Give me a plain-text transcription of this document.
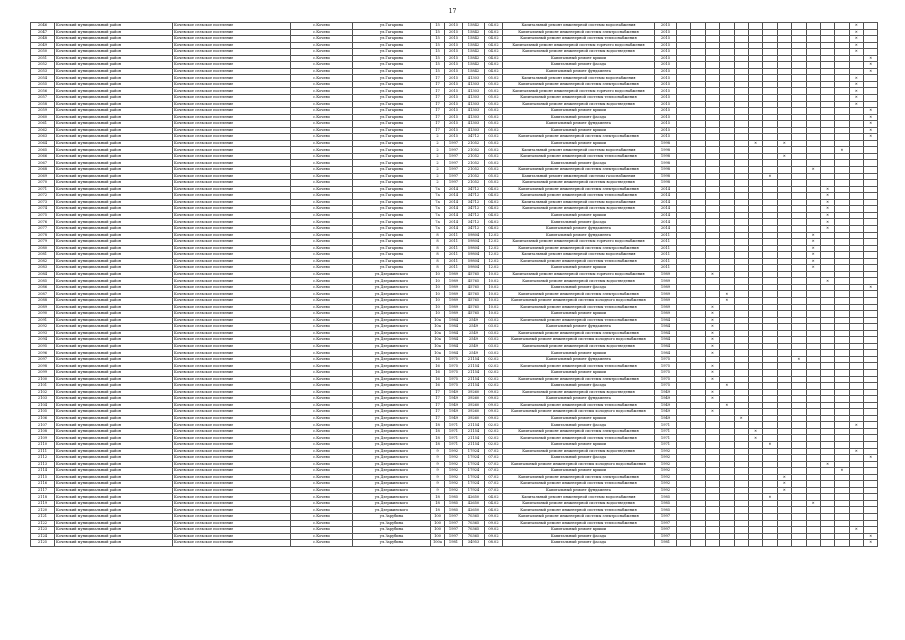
17
2046	Кочевский муниципальный район	Кочевское сельское поселение	с.Кочево	ул.Гагарина	15	2015	15842	04.02	Капитальный ремонт инженерной системы водоснабжения	2015													✕	
2047	Кочевский муниципальный район	Кочевское сельское поселение	с.Кочево	ул.Гагарина	15	2015	15842	04.02	Капитальный ремонт инженерной системы электроснабжения	2015													✕	
2048	Кочевский муниципальный район	Кочевское сельское поселение	с.Кочево	ул.Гагарина	15	2015	15842	04.02	Капитальный ремонт инженерной системы теплоснабжения	2015													✕	
2049	Кочевский муниципальный район	Кочевское сельское поселение	с.Кочево	ул.Гагарина	15	2015	15842	04.02	Капитальный ремонт инженерной системы горячего водоснабжения	2015													✕	
2050	Кочевский муниципальный район	Кочевское сельское поселение	с.Кочево	ул.Гагарина	15	2015	15842	04.02	Капитальный ремонт инженерной системы водоотведения	2015													✕	
2051	Кочевский муниципальный район	Кочевское сельское поселение	с.Кочево	ул.Гагарина	15	2015	15842	04.02	Капитальный ремонт крыши	2015														✕
2052	Кочевский муниципальный район	Кочевское сельское поселение	с.Кочево	ул.Гагарина	15	2015	15842	04.02	Капитальный ремонт фасада	2015														✕
2053	Кочевский муниципальный район	Кочевское сельское поселение	с.Кочево	ул.Гагарина	15	2015	15842	04.02	Капитальный ремонт фундамента	2015														✕
2054	Кочевский муниципальный район	Кочевское сельское поселение	с.Кочево	ул.Гагарина	17	2015	41303	05.02	Капитальный ремонт инженерной системы водоснабжения	2015													✕	
2055	Кочевский муниципальный район	Кочевское сельское поселение	с.Кочево	ул.Гагарина	17	2015	41303	05.02	Капитальный ремонт инженерной системы электроснабжения	2015													✕	
2056	Кочевский муниципальный район	Кочевское сельское поселение	с.Кочево	ул.Гагарина	17	2015	41303	05.02	Капитальный ремонт инженерной системы горячего водоснабжения	2015													✕	
2057	Кочевский муниципальный район	Кочевское сельское поселение	с.Кочево	ул.Гагарина	17	2015	41303	05.02	Капитальный ремонт инженерной системы теплоснабжения	2015													✕	
2058	Кочевский муниципальный район	Кочевское сельское поселение	с.Кочево	ул.Гагарина	17	2015	41303	05.02	Капитальный ремонт инженерной системы водоотведения	2015													✕	
2059	Кочевский муниципальный район	Кочевское сельское поселение	с.Кочево	ул.Гагарина	17	2015	41303	05.02	Капитальный ремонт крыши	2015														✕
2060	Кочевский муниципальный район	Кочевское сельское поселение	с.Кочево	ул.Гагарина	17	2015	41303	05.02	Капитальный ремонт фасада	2015														✕
2061	Кочевский муниципальный район	Кочевское сельское поселение	с.Кочево	ул.Гагарина	17	2015	41303	05.02	Капитальный ремонт фундамента	2015														✕
2062	Кочевский муниципальный район	Кочевское сельское поселение	с.Кочево	ул.Гагарина	17	2015	41303	05.02	Капитальный ремонт крыши	2015														✕
2063	Кочевский муниципальный район	Кочевское сельское поселение	с.Кочево	ул.Гагарина	2	2015	34712	03.02	Капитальный ремонт инженерной системы электроснабжения	2015														✕
2064	Кочевский муниципальный район	Кочевское сельское поселение	с.Кочево	ул.Гагарина	2	1997	21052	05.02	Капитальный ремонт крыши	1998						✕		✕						
2065	Кочевский муниципальный район	Кочевское сельское поселение	с.Кочево	ул.Гагарина	2	1997	21052	05.02	Капитальный ремонт инженерной системы водоснабжения	1998												✕		
2066	Кочевский муниципальный район	Кочевское сельское поселение	с.Кочево	ул.Гагарина	2	1997	21052	05.02	Капитальный ремонт инженерной системы теплоснабжения	1998								✕						
2067	Кочевский муниципальный район	Кочевское сельское поселение	с.Кочево	ул.Гагарина	2	1997	21052	05.02	Капитальный ремонт фасада	1998														
2068	Кочевский муниципальный район	Кочевское сельское поселение	с.Кочево	ул.Гагарина	2	1997	21052	05.02	Капитальный ремонт инженерной системы электроснабжения	1998										✕				
2069	Кочевский муниципальный район	Кочевское сельское поселение	с.Кочево	ул.Гагарина	2	1997	21052	05.02	Капитальный ремонт инженерной системы газоснабжения	1998							✕							
2070	Кочевский муниципальный район	Кочевское сельское поселение	с.Кочево	ул.Гагарина	2	1997	21052	05.02	Капитальный ремонт инженерной системы водоотведения	1998														
2071	Кочевский муниципальный район	Кочевское сельское поселение	с.Кочево	ул.Гагарина	7а	2014	34712	04.02	Капитальный ремонт инженерной системы электроснабжения	2014											✕			
2072	Кочевский муниципальный район	Кочевское сельское поселение	с.Кочево	ул.Гагарина	7а	2014	34712	04.02	Капитальный ремонт инженерной системы теплоснабжения	2014											✕			
2073	Кочевский муниципальный район	Кочевское сельское поселение	с.Кочево	ул.Гагарина	7а	2014	34712	04.02	Капитальный ремонт инженерной системы водоснабжения	2014											✕			
2074	Кочевский муниципальный район	Кочевское сельское поселение	с.Кочево	ул.Гагарина	7а	2014	34712	04.02	Капитальный ремонт инженерной системы водоотведения	2014											✕			
2075	Кочевский муниципальный район	Кочевское сельское поселение	с.Кочево	ул.Гагарина	7а	2014	34712	04.02	Капитальный ремонт крыши	2014											✕			
2076	Кочевский муниципальный район	Кочевское сельское поселение	с.Кочево	ул.Гагарина	7а	2014	34712	04.02	Капитальный ремонт фасада	2014											✕			
2077	Кочевский муниципальный район	Кочевское сельское поселение	с.Кочево	ул.Гагарина	7а	2014	34712	04.02	Капитальный ремонт фундамента	2014											✕			
2078	Кочевский муниципальный район	Кочевское сельское поселение	с.Кочево	ул.Гагарина	8	2011	59804	12.02	Капитальный ремонт фундамента	2011										✕				
2079	Кочевский муниципальный район	Кочевское сельское поселение	с.Кочево	ул.Гагарина	8	2011	59804	12.02	Капитальный ремонт инженерной системы горячего водоснабжения	2011										✕				
2080	Кочевский муниципальный район	Кочевское сельское поселение	с.Кочево	ул.Гагарина	8	2011	59804	12.02	Капитальный ремонт инженерной системы электроснабжения	2011										✕				
2081	Кочевский муниципальный район	Кочевское сельское поселение	с.Кочево	ул.Гагарина	8	2011	59804	12.02	Капитальный ремонт инженерной системы водоснабжения	2011										✕				
2082	Кочевский муниципальный район	Кочевское сельское поселение	с.Кочево	ул.Гагарина	8	2011	59804	12.02	Капитальный ремонт инженерной системы теплоснабжения	2011										✕				
2083	Кочевский муниципальный район	Кочевское сельское поселение	с.Кочево	ул.Гагарина	8	2011	59804	12.02	Капитальный ремонт крыши	2011										✕				
2084	Кочевский муниципальный район	Кочевское сельское поселение	с.Кочево	ул.Дзержинского	10	1989	45765	10.02	Капитальный ремонт инженерной системы горячего водоснабжения	1989			✕											
2085	Кочевский муниципальный район	Кочевское сельское поселение	с.Кочево	ул.Дзержинского	10	1989	45765	10.02	Капитальный ремонт инженерной системы водоотведения	1989											✕			
2086	Кочевский муниципальный район	Кочевское сельское поселение	с.Кочево	ул.Дзержинского	10	1989	45765	10.02	Капитальный ремонт фасада	1989														✕
2087	Кочевский муниципальный район	Кочевское сельское поселение	с.Кочево	ул.Дзержинского	10	1989	45765	10.02	Капитальный ремонт инженерной системы электроснабжения	1989				✕										
2088	Кочевский муниципальный район	Кочевское сельское поселение	с.Кочево	ул.Дзержинского	10	1989	45765	10.02	Капитальный ремонт инженерной системы холодного водоснабжения	1989				✕										
2089	Кочевский муниципальный район	Кочевское сельское поселение	с.Кочево	ул.Дзержинского	10	1989	45765	10.02	Капитальный ремонт инженерной системы теплоснабжения	1989			✕											
2090	Кочевский муниципальный район	Кочевское сельское поселение	с.Кочево	ул.Дзержинского	10	1989	45765	10.02	Капитальный ремонт крыши	1989			✕											
2091	Кочевский муниципальный район	Кочевское сельское поселение	с.Кочево	ул.Дзержинского	10а	1984	2549	03.02	Капитальный ремонт инженерной системы теплоснабжения	1984			✕											
2092	Кочевский муниципальный район	Кочевское сельское поселение	с.Кочево	ул.Дзержинского	10а	1984	2549	03.02	Капитальный ремонт фундамента	1984			✕											
2093	Кочевский муниципальный район	Кочевское сельское поселение	с.Кочево	ул.Дзержинского	10а	1984	2549	03.02	Капитальный ремонт инженерной системы электроснабжения	1984			✕											
2094	Кочевский муниципальный район	Кочевское сельское поселение	с.Кочево	ул.Дзержинского	10а	1984	2549	03.02	Капитальный ремонт инженерной системы холодного водоснабжения	1984			✕											
2095	Кочевский муниципальный район	Кочевское сельское поселение	с.Кочево	ул.Дзержинского	10а	1984	2549	03.02	Капитальный ремонт инженерной системы водоотведения	1984			✕											
2096	Кочевский муниципальный район	Кочевское сельское поселение	с.Кочево	ул.Дзержинского	10а	1984	2549	03.02	Капитальный ремонт крыши	1984			✕											
2097	Кочевский муниципальный район	Кочевское сельское поселение	с.Кочево	ул.Дзержинского	16	1975	21154	02.02	Капитальный ремонт фундамента	1975									✕					
2098	Кочевский муниципальный район	Кочевское сельское поселение	с.Кочево	ул.Дзержинского	16	1975	21154	02.02	Капитальный ремонт инженерной системы теплоснабжения	1975			✕											
2099	Кочевский муниципальный район	Кочевское сельское поселение	с.Кочево	ул.Дзержинского	16	1975	21154	02.02	Капитальный ремонт крыши	1975			✕											
2100	Кочевский муниципальный район	Кочевское сельское поселение	с.Кочево	ул.Дзержинского	16	1975	21154	02.02	Капитальный ремонт инженерной системы электроснабжения	1975			✕											
2101	Кочевский муниципальный район	Кочевское сельское поселение	с.Кочево	ул.Дзержинского	16	1975	21154	02.02	Капитальный ремонт фасада	1975				✕										
2102	Кочевский муниципальный район	Кочевское сельское поселение	с.Кочево	ул.Дзержинского	17	1949	39260	09.02	Капитальный ремонт инженерной системы водоотведения	1949			✕											
2103	Кочевский муниципальный район	Кочевское сельское поселение	с.Кочево	ул.Дзержинского	17	1949	39260	09.02	Капитальный ремонт фундамента	1949			✕											
2104	Кочевский муниципальный район	Кочевское сельское поселение	с.Кочево	ул.Дзержинского	17	1949	39260	09.02	Капитальный ремонт инженерной системы теплоснабжения	1949				✕										
2105	Кочевский муниципальный район	Кочевское сельское поселение	с.Кочево	ул.Дзержинского	17	1949	39260	09.02	Капитальный ремонт инженерной системы холодного водоснабжения	1949			✕											
2106	Кочевский муниципальный район	Кочевское сельское поселение	с.Кочево	ул.Дзержинского	17	1949	39260	09.02	Капитальный ремонт крыши	1949					✕									
2107	Кочевский муниципальный район	Кочевское сельское поселение	с.Кочево	ул.Дзержинского	18	1971	21154	02.02	Капитальный ремонт фасада	1971													✕	
2108	Кочевский муниципальный район	Кочевское сельское поселение	с.Кочево	ул.Дзержинского	18	1971	21154	02.02	Капитальный ремонт инженерной системы электроснабжения	1971						✕								
2109	Кочевский муниципальный район	Кочевское сельское поселение	с.Кочево	ул.Дзержинского	18	1971	21154	02.02	Капитальный ремонт инженерной системы теплоснабжения	1971						✕								
2110	Кочевский муниципальный район	Кочевское сельское поселение	с.Кочево	ул.Дзержинского	18	1971	21154	02.02	Капитальный ремонт крыши	1971							✕							
2111	Кочевский муниципальный район	Кочевское сельское поселение	с.Кочево	ул.Дзержинского	9	1992	17924	07.02	Капитальный ремонт инженерной системы водоотведения	1992													✕	
2112	Кочевский муниципальный район	Кочевское сельское поселение	с.Кочево	ул.Дзержинского	9	1992	17924	07.02	Капитальный ремонт фасада	1992														✕
2113	Кочевский муниципальный район	Кочевское сельское поселение	с.Кочево	ул.Дзержинского	9	1992	17924	07.02	Капитальный ремонт инженерной системы холодного водоснабжения	1992											✕			
2114	Кочевский муниципальный район	Кочевское сельское поселение	с.Кочево	ул.Дзержинского	9	1992	17924	07.02	Капитальный ремонт крыши	1992												✕		
2115	Кочевский муниципальный район	Кочевское сельское поселение	с.Кочево	ул.Дзержинского	9	1992	17924	07.02	Капитальный ремонт инженерной системы электроснабжения	1992								✕						
2116	Кочевский муниципальный район	Кочевское сельское поселение	с.Кочево	ул.Дзержинского	9	1992	17924	07.02	Капитальный ремонт инженерной системы теплоснабжения	1992								✕						
2117	Кочевский муниципальный район	Кочевское сельское поселение	с.Кочево	ул.Дзержинского	9	1992	17924	07.02	Капитальный ремонт фундамента	1992								✕						
2118	Кочевский муниципальный район	Кочевское сельское поселение	с.Кочево	ул.Дзержинского	18	1985	42650	04.02	Капитальный ремонт инженерной системы водоснабжения	1985							✕							
2119	Кочевский муниципальный район	Кочевское сельское поселение	с.Кочево	ул.Дзержинского	18	1985	42650	04.02	Капитальный ремонт инженерной системы водоотведения	1985										✕				
2120	Кочевский муниципальный район	Кочевское сельское поселение	с.Кочево	ул.Дзержинского	18	1985	42650	04.02	Капитальный ремонт инженерной системы теплоснабжения	1985														
2121	Кочевский муниципальный район	Кочевское сельское поселение	с.Кочево	ул.Зарубина	100	1997	70365	09.02	Капитальный ремонт инженерной системы электроснабжения	1997														
2122	Кочевский муниципальный район	Кочевское сельское поселение	с.Кочево	ул.Зарубина	100	1997	70365	09.02	Капитальный ремонт инженерной системы теплоснабжения	1997														
2123	Кочевский муниципальный район	Кочевское сельское поселение	с.Кочево	ул.Зарубина	100	1997	70365	09.02	Капитальный ремонт крыши	1997													✕	
2124	Кочевский муниципальный район	Кочевское сельское поселение	с.Кочево	ул.Зарубина	100	1997	70365	09.02	Капитальный ремонт фасада	1997														✕
2125	Кочевский муниципальный район	Кочевское сельское поселение	с.Кочево	ул.Зарубина	100а	1981	34953	08.02	Капитальный ремонт фасада	1981														✕
